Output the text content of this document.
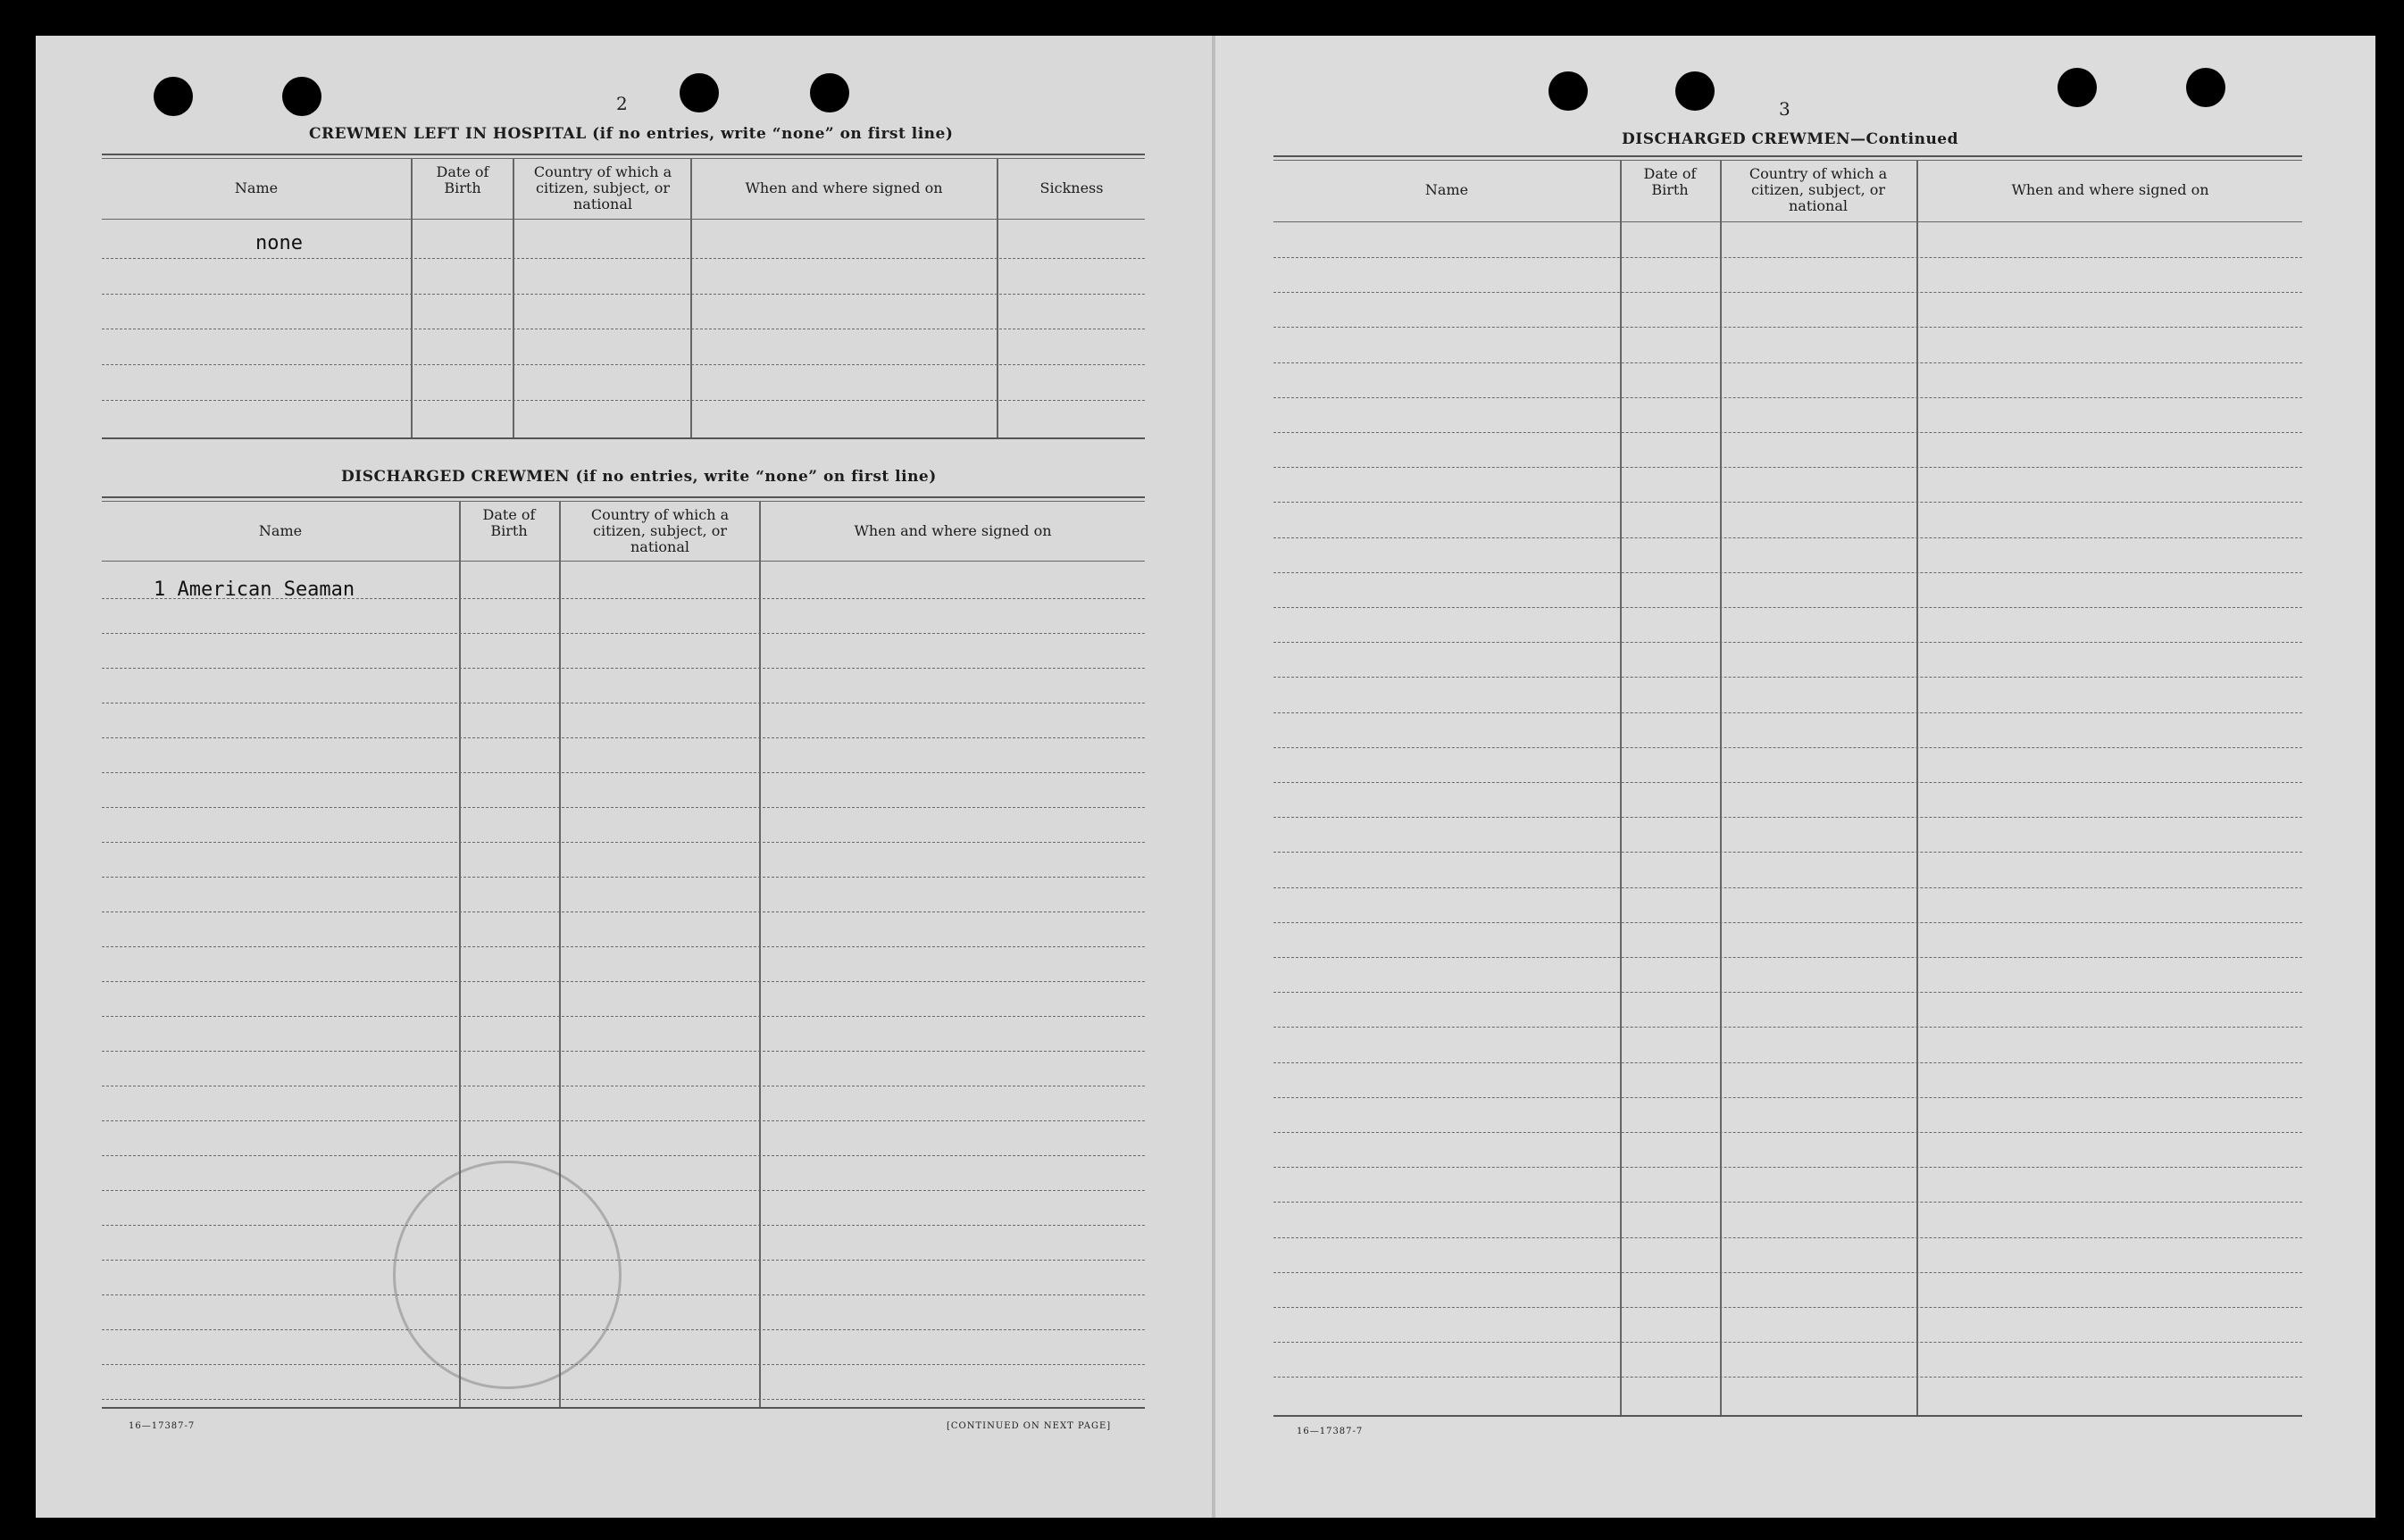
2
CREWMEN LEFT IN HOSPITAL (if no entries, write “none” on first line)
Name
Date of Birth
Country of which a citizen, subject, or national
When and where signed on	Sickness
none
DISCHARGED CREWMEN (if no entries, write “none” on first line)
Name
Date of Birth
Country of which a citizen, subject, or national
When and where signed on
1 American Seaman
16—17387-7	[CONTINUED ON NEXT PAGE]
3
DISCHARGED CREWMEN—Continued
Name
Date of Birth
Country of which a citizen, subject, or national
When and where signed on
16—17387-7
